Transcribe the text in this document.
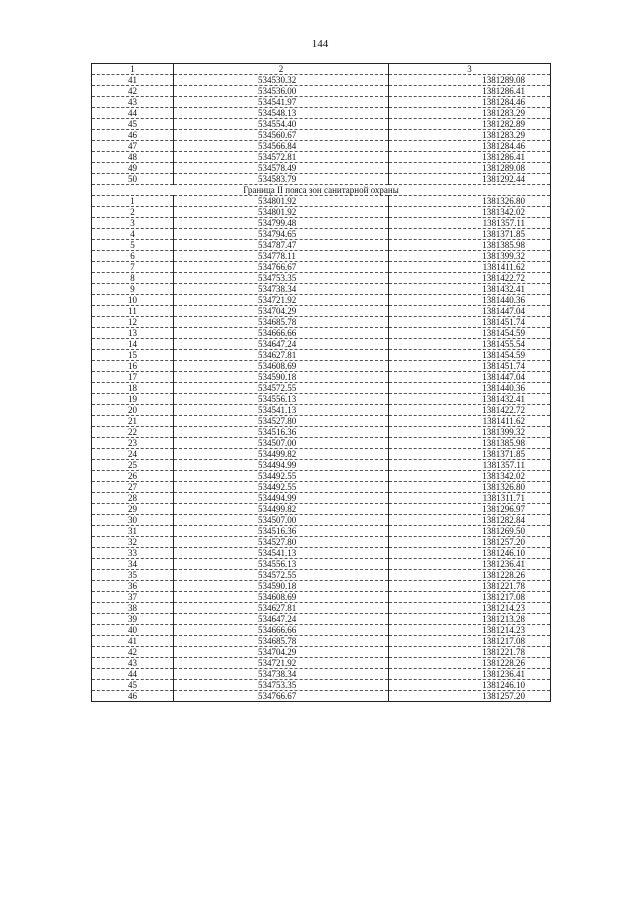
144
1	2	3
41	534530.32	1381289.08
42	534536.00	1381286.41
43	534541.97	1381284.46
44	534548.13	1381283.29
45	534554.40	1381282.89
46	534560.67	1381283.29
47	534566.84	1381284.46
48	534572.81	1381286.41
49	534578.49	1381289.08
50	534583.79	1381292.44
Граница II пояса зон санитарной охраны		
1	534801.92	1381326.80
2	534801.92	1381342.02
3	534799.48	1381357.11
4	534794.65	1381371.85
5	534787.47	1381385.98
6	534778.11	1381399.32
7	534766.67	1381411.62
8	534753.35	1381422.72
9	534738.34	1381432.41
10	534721.92	1381440.36
11	534704.29	1381447.04
12	534685.78	1381451.74
13	534666.66	1381454.59
14	534647.24	1381455.54
15	534627.81	1381454.59
16	534608.69	1381451.74
17	534590.18	1381447.04
18	534572.55	1381440.36
19	534556.13	1381432.41
20	534541.13	1381422.72
21	534527.80	1381411.62
22	534516.36	1381399.32
23	534507.00	1381385.98
24	534499.82	1381371.85
25	534494.99	1381357.11
26	534492.55	1381342.02
27	534492.55	1381326.80
28	534494.99	1381311.71
29	534499.82	1381296.97
30	534507.00	1381282.84
31	534516.36	1381269.50
32	534527.80	1381257.20
33	534541.13	1381246.10
34	534556.13	1381236.41
35	534572.55	1381228.26
36	534590.18	1381221.78
37	534608.69	1381217.08
38	534627.81	1381214.23
39	534647.24	1381213.28
40	534666.66	1381214.23
41	534685.78	1381217.08
42	534704.29	1381221.78
43	534721.92	1381228.26
44	534738.34	1381236.41
45	534753.35	1381246.10
46	534766.67	1381257.20
